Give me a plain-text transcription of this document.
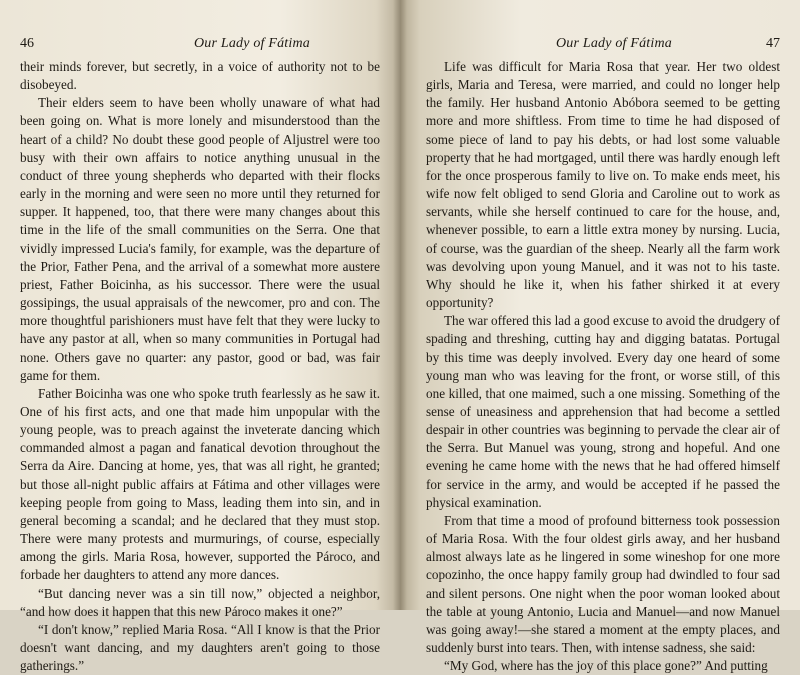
46	Our Lady of Fátima

their minds forever, but secretly, in a voice of authority not to be disobeyed.

Their elders seem to have been wholly unaware of what had been going on. What is more lonely and misunderstood than the heart of a child? No doubt these good people of Aljustrel were too busy with their own affairs to notice anything unusual in the conduct of three young shepherds who departed with their flocks early in the morning and were seen no more until they returned for supper. It happened, too, that there were many changes about this time in the life of the small communities on the Serra. One that vividly impressed Lucia's family, for example, was the departure of the Prior, Father Pena, and the arrival of a somewhat more austere priest, Father Boicinha, as his successor. There were the usual gossipings, the usual appraisals of the newcomer, pro and con. The more thoughtful parishioners must have felt that they were lucky to have any pastor at all, when so many communities in Portugal had none. Others gave no quarter: any pastor, good or bad, was fair game for them.

Father Boicinha was one who spoke truth fearlessly as he saw it. One of his first acts, and one that made him unpopular with the young people, was to preach against the inveterate dancing which commanded almost a pagan and fanatical devotion throughout the Serra da Aire. Dancing at home, yes, that was all right, he granted; but those all-night public affairs at Fátima and other villages were keeping people from going to Mass, leading them into sin, and in general becoming a scandal; and he declared that they must stop. There were many protests and murmurings, of course, especially among the girls. Maria Rosa, however, supported the Pároco, and forbade her daughters to attend any more dances.

“But dancing never was a sin till now,” objected a neighbor, “and how does it happen that this new Pároco makes it one?”

“I don't know,” replied Maria Rosa. “All I know is that the Prior doesn't want dancing, and my daughters aren't going to those gatherings.”

Our Lady of Fátima	47

Life was difficult for Maria Rosa that year. Her two oldest girls, Maria and Teresa, were married, and could no longer help the family. Her husband Antonio Abóbora seemed to be getting more and more shiftless. From time to time he had disposed of some piece of land to pay his debts, or had lost some valuable property that he had mortgaged, until there was hardly enough left for the once prosperous family to live on. To make ends meet, his wife now felt obliged to send Gloria and Caroline out to work as servants, while she herself continued to care for the house, and, whenever possible, to earn a little extra money by nursing. Lucia, of course, was the guardian of the sheep. Nearly all the farm work was devolving upon young Manuel, and it was not to his taste. Why should he like it, when his father shirked it at every opportunity?

The war offered this lad a good excuse to avoid the drudgery of spading and threshing, cutting hay and digging batatas. Portugal by this time was deeply involved. Every day one heard of some young man who was leaving for the front, or worse still, of this one killed, that one maimed, such a one missing. Something of the sense of uneasiness and apprehension that had become a settled despair in other countries was beginning to pervade the clear air of the Serra. But Manuel was young, strong and hopeful. And one evening he came home with the news that he had offered himself for service in the army, and would be accepted if he passed the physical examination.

From that time a mood of profound bitterness took possession of Maria Rosa. With the four oldest girls away, and her husband almost always late as he lingered in some wineshop for one more copozinho, the once happy family group had dwindled to four sad and silent persons. One night when the poor woman looked about the table at young Antonio, Lucia and Manuel—and now Manuel was going away!—she stared a moment at the empty places, and suddenly burst into tears. Then, with intense sadness, she said:

“My God, where has the joy of this place gone?” And putting
